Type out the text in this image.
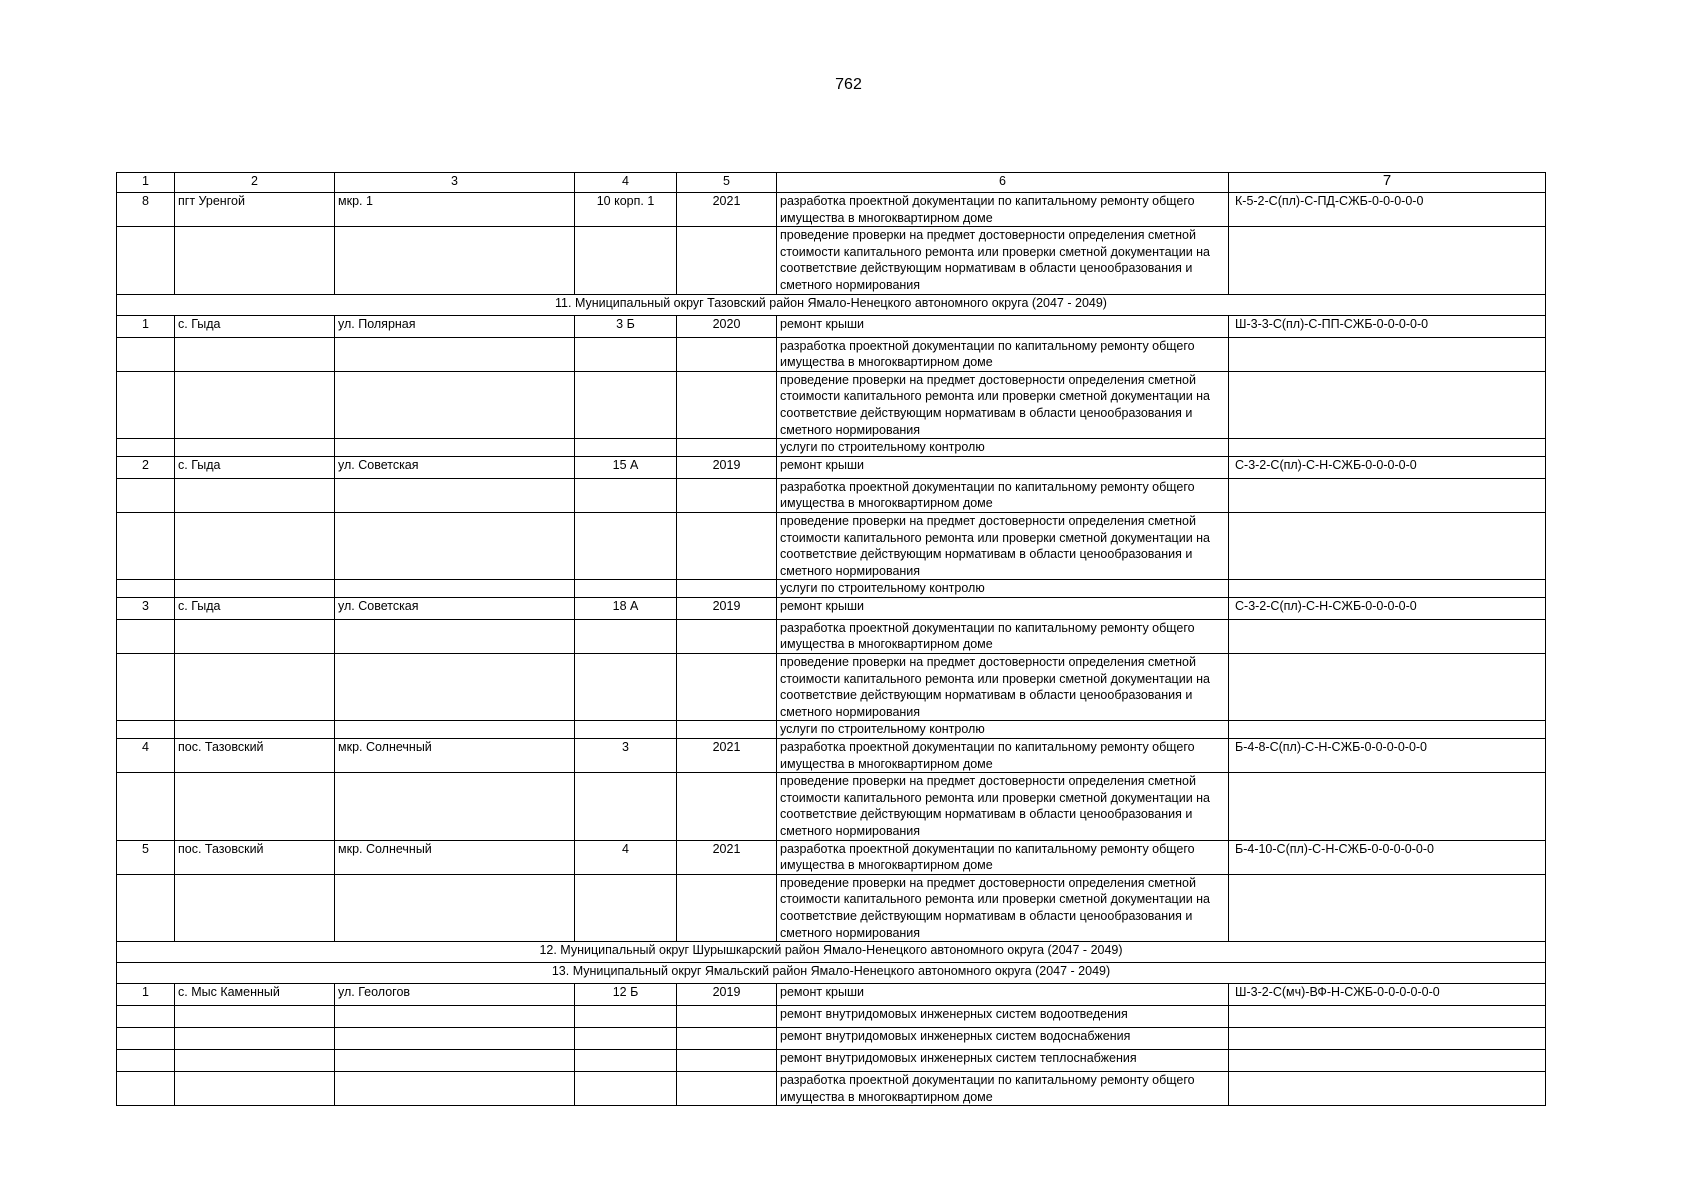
762
1	2	3	4	5	6	7
8	пгт Уренгой	мкр. 1	10 корп. 1	2021	разработка проектной документации по капитальному ремонту общего имущества в многоквартирном доме	К-5-2-С(пл)-С-ПД-СЖБ-0-0-0-0-0
					проведение проверки на предмет достоверности определения сметной стоимости капитального ремонта или проверки сметной документации на соответствие действующим нормативам в области ценообразования и сметного нормирования	
11. Муниципальный округ Тазовский район Ямало-Ненецкого автономного округа (2047 - 2049)						
1	с. Гыда	ул. Полярная	3 Б	2020	ремонт крыши	Ш-3-3-С(пл)-С-ПП-СЖБ-0-0-0-0-0
					разработка проектной документации по капитальному ремонту общего имущества в многоквартирном доме	
					проведение проверки на предмет достоверности определения сметной стоимости капитального ремонта или проверки сметной документации на соответствие действующим нормативам в области ценообразования и сметного нормирования	
					услуги по строительному контролю	
2	с. Гыда	ул. Советская	15 А	2019	ремонт крыши	С-3-2-С(пл)-С-Н-СЖБ-0-0-0-0-0
					разработка проектной документации по капитальному ремонту общего имущества в многоквартирном доме	
					проведение проверки на предмет достоверности определения сметной стоимости капитального ремонта или проверки сметной документации на соответствие действующим нормативам в области ценообразования и сметного нормирования	
					услуги по строительному контролю	
3	с. Гыда	ул. Советская	18 А	2019	ремонт крыши	С-3-2-С(пл)-С-Н-СЖБ-0-0-0-0-0
					разработка проектной документации по капитальному ремонту общего имущества в многоквартирном доме	
					проведение проверки на предмет достоверности определения сметной стоимости капитального ремонта или проверки сметной документации на соответствие действующим нормативам в области ценообразования и сметного нормирования	
					услуги по строительному контролю	
4	пос. Тазовский	мкр. Солнечный	3	2021	разработка проектной документации по капитальному ремонту общего имущества в многоквартирном доме	Б-4-8-С(пл)-С-Н-СЖБ-0-0-0-0-0-0
					проведение проверки на предмет достоверности определения сметной стоимости капитального ремонта или проверки сметной документации на соответствие действующим нормативам в области ценообразования и сметного нормирования	
5	пос. Тазовский	мкр. Солнечный	4	2021	разработка проектной документации по капитальному ремонту общего имущества в многоквартирном доме	Б-4-10-С(пл)-С-Н-СЖБ-0-0-0-0-0-0
					проведение проверки на предмет достоверности определения сметной стоимости капитального ремонта или проверки сметной документации на соответствие действующим нормативам в области ценообразования и сметного нормирования	
12. Муниципальный округ Шурышкарский район Ямало-Ненецкого автономного округа (2047 - 2049)						
13. Муниципальный округ Ямальский район Ямало-Ненецкого автономного округа (2047 - 2049)						
1	с. Мыс Каменный	ул. Геологов	12 Б	2019	ремонт крыши	Ш-3-2-С(мч)-ВФ-Н-СЖБ-0-0-0-0-0-0
					ремонт внутридомовых инженерных систем водоотведения	
					ремонт внутридомовых инженерных систем водоснабжения	
					ремонт внутридомовых инженерных систем теплоснабжения	
					разработка проектной документации по капитальному ремонту общего имущества в многоквартирном доме	
